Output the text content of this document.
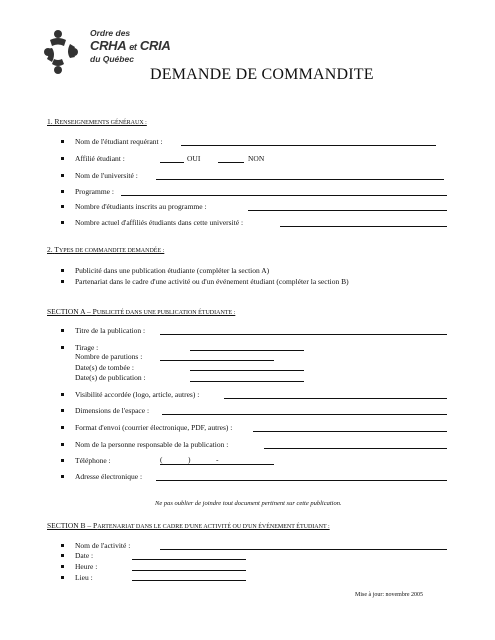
Ordre des
CRHA et CRIA
du Québec
DEMANDE DE COMMANDITE
1. RENSEIGNEMENTS GÉNÉRAUX :
Nom de l'étudiant requérant :
Affilié étudiant :	OUI	NON
Nom de l'université :
Programme :
Nombre d'étudiants inscrits au programme :
Nombre actuel d'affiliés étudiants dans cette université :
2. TYPES DE COMMANDITE DEMANDÉE :
Publicité dans une publication étudiante (compléter la section A)
Partenariat dans le cadre d'une activité ou d'un événement étudiant (compléter la section B)
SECTION A – PUBLICITÉ DANS UNE PUBLICATION ÉTUDIANTE :
Titre de la publication :
Tirage :
Nombre de parutions :
Date(s) de tombée :
Date(s) de publication :
Visibilité accordée (logo, article, autres) :
Dimensions de l'espace :
Format d'envoi (courrier électronique, PDF, autres) :
Nom de la personne responsable de la publication :
Téléphone :	(	)	-
Adresse électronique :
Ne pas oublier de joindre tout document pertinent sur cette publication.
SECTION B – PARTENARIAT DANS LE CADRE D'UNE ACTIVITÉ OU D'UN ÉVÉNEMENT ÉTUDIANT :
Nom de l'activité :
Date :
Heure :
Lieu :
Mise à jour: novembre 2005
